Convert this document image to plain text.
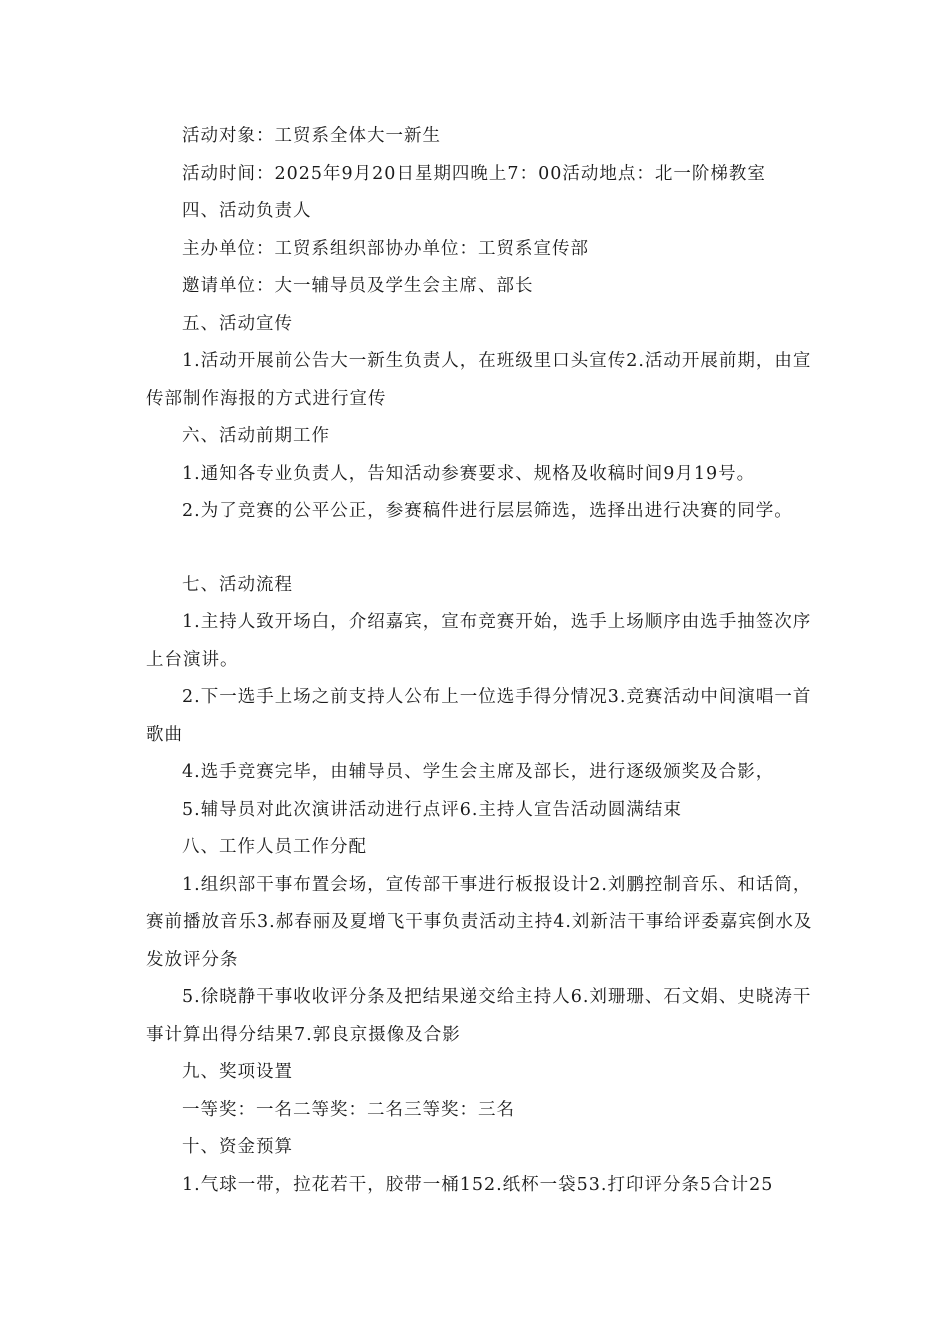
活动对象：工贸系全体大一新生

活动时间：2025年9月20日星期四晚上7：00活动地点：北一阶梯教室

四、活动负责人

主办单位：工贸系组织部协办单位：工贸系宣传部

邀请单位：大一辅导员及学生会主席、部长

五、活动宣传

1.活动开展前公告大一新生负责人，在班级里口头宣传2.活动开展前期，由宣传部制作海报的方式进行宣传

六、活动前期工作

1.通知各专业负责人，告知活动参赛要求、规格及收稿时间9月19号。

2.为了竞赛的公平公正，参赛稿件进行层层筛选，选择出进行决赛的同学。

七、活动流程

1.主持人致开场白，介绍嘉宾，宣布竞赛开始，选手上场顺序由选手抽签次序上台演讲。

2.下一选手上场之前支持人公布上一位选手得分情况3.竞赛活动中间演唱一首歌曲

4.选手竞赛完毕，由辅导员、学生会主席及部长，进行逐级颁奖及合影，

5.辅导员对此次演讲活动进行点评6.主持人宣告活动圆满结束

八、工作人员工作分配

1.组织部干事布置会场，宣传部干事进行板报设计2.刘鹏控制音乐、和话筒，赛前播放音乐3.郝春丽及夏增飞干事负责活动主持4.刘新洁干事给评委嘉宾倒水及发放评分条

5.徐晓静干事收收评分条及把结果递交给主持人6.刘珊珊、石文娟、史晓涛干事计算出得分结果7.郭良京摄像及合影

九、奖项设置

一等奖：一名二等奖：二名三等奖：三名

十、资金预算

1.气球一带，拉花若干，胶带一桶152.纸杯一袋53.打印评分条5合计25
